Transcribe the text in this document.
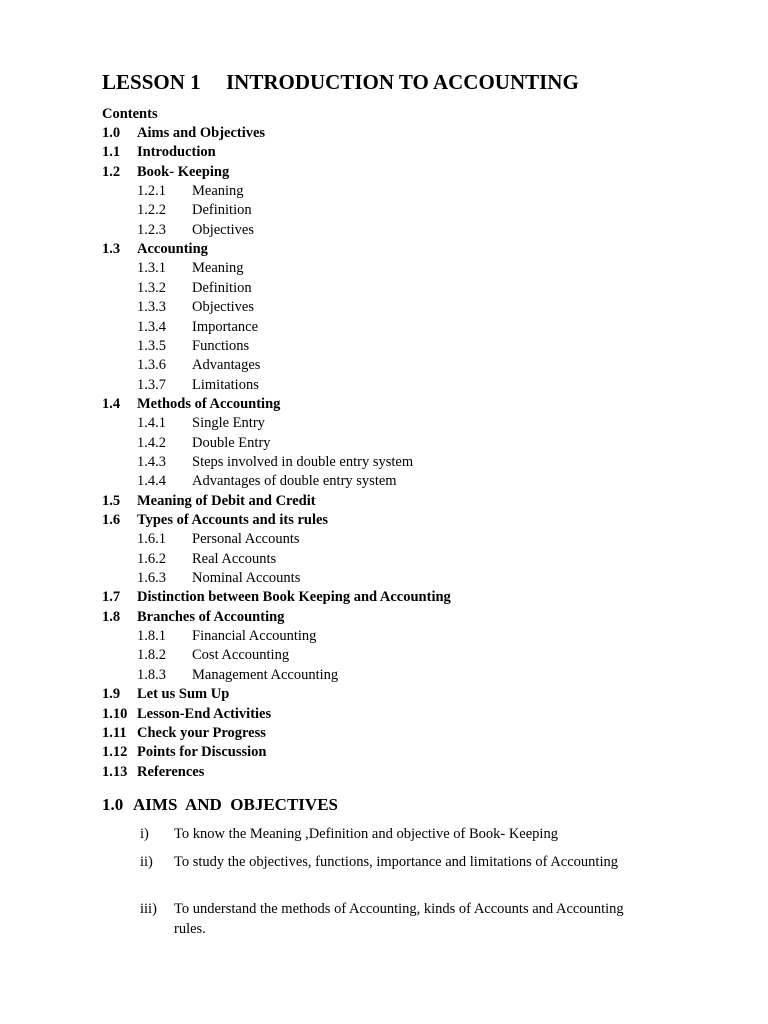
LESSON 1 INTRODUCTION TO ACCOUNTING
Contents
1.0 Aims and Objectives
1.1 Introduction
1.2 Book- Keeping
1.2.1 Meaning
1.2.2 Definition
1.2.3 Objectives
1.3 Accounting
1.3.1 Meaning
1.3.2 Definition
1.3.3 Objectives
1.3.4 Importance
1.3.5 Functions
1.3.6 Advantages
1.3.7 Limitations
1.4 Methods of Accounting
1.4.1 Single Entry
1.4.2 Double Entry
1.4.3 Steps involved in double entry system
1.4.4 Advantages of double entry system
1.5 Meaning of Debit and Credit
1.6 Types of Accounts and its rules
1.6.1 Personal Accounts
1.6.2 Real Accounts
1.6.3 Nominal Accounts
1.7 Distinction between Book Keeping and Accounting
1.8 Branches of Accounting
1.8.1 Financial Accounting
1.8.2 Cost Accounting
1.8.3 Management Accounting
1.9 Let us Sum Up
1.10 Lesson-End Activities
1.11 Check your Progress
1.12 Points for Discussion
1.13 References
1.0 AIMS  AND  OBJECTIVES
i) To know the Meaning ,Definition and objective of Book- Keeping
ii) To study the objectives, functions, importance and limitations of Accounting
iii) To understand the methods of Accounting, kinds of Accounts and Accounting rules.
